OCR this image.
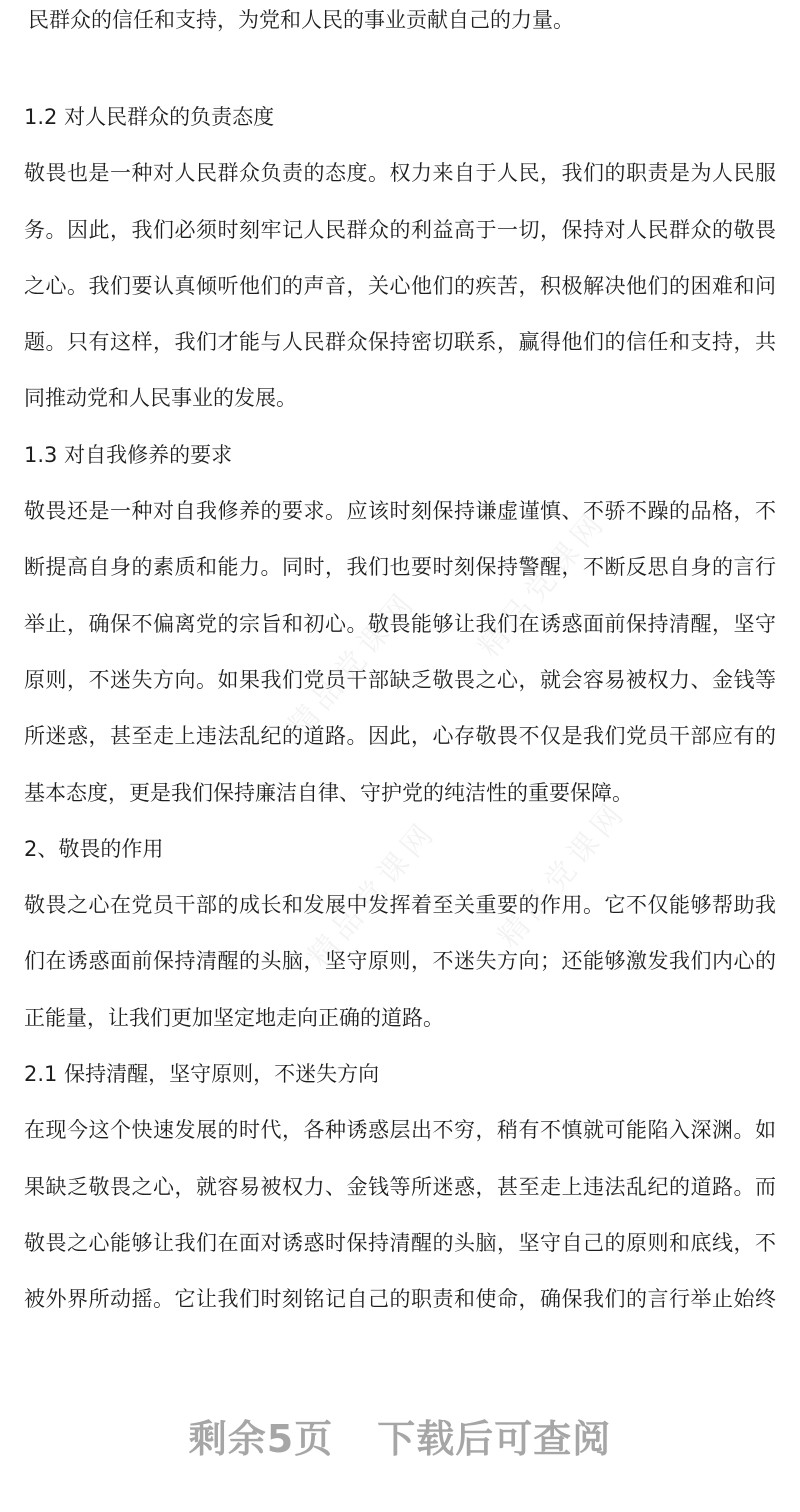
精品党课网 精品党课网
精品党课网 精品党课网
民群众的信任和支持，为党和人民的事业贡献自己的力量。
1.2 对人民群众的负责态度
敬畏也是一种对人民群众负责的态度。权力来自于人民，我们的职责是为人民服
务。因此，我们必须时刻牢记人民群众的利益高于一切，保持对人民群众的敬畏
之心。我们要认真倾听他们的声音，关心他们的疾苦，积极解决他们的困难和问
题。只有这样，我们才能与人民群众保持密切联系，赢得他们的信任和支持，共
同推动党和人民事业的发展。
1.3 对自我修养的要求
敬畏还是一种对自我修养的要求。应该时刻保持谦虚谨慎、不骄不躁的品格，不
断提高自身的素质和能力。同时，我们也要时刻保持警醒，不断反思自身的言行
举止，确保不偏离党的宗旨和初心。敬畏能够让我们在诱惑面前保持清醒，坚守
原则，不迷失方向。如果我们党员干部缺乏敬畏之心，就会容易被权力、金钱等
所迷惑，甚至走上违法乱纪的道路。因此，心存敬畏不仅是我们党员干部应有的
基本态度，更是我们保持廉洁自律、守护党的纯洁性的重要保障。
2、敬畏的作用
敬畏之心在党员干部的成长和发展中发挥着至关重要的作用。它不仅能够帮助我
们在诱惑面前保持清醒的头脑，坚守原则，不迷失方向；还能够激发我们内心的
正能量，让我们更加坚定地走向正确的道路。
2.1 保持清醒，坚守原则，不迷失方向
在现今这个快速发展的时代，各种诱惑层出不穷，稍有不慎就可能陷入深渊。如
果缺乏敬畏之心，就容易被权力、金钱等所迷惑，甚至走上违法乱纪的道路。而
敬畏之心能够让我们在面对诱惑时保持清醒的头脑，坚守自己的原则和底线，不
被外界所动摇。它让我们时刻铭记自己的职责和使命，确保我们的言行举止始终
剩余5页 下载后可查阅
